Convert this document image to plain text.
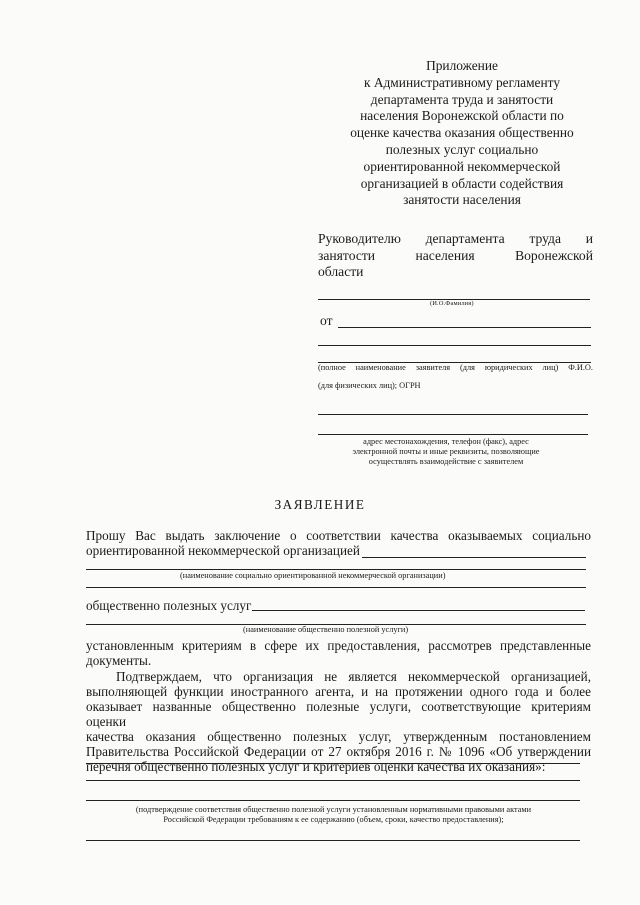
Приложение
к Административному регламенту
департамента труда и занятости
населения Воронежской области по
оценке качества оказания общественно
полезных услуг социально
ориентированной некоммерческой
организацией в области содействия
занятости населения
Руководителю департамента труда и
занятости	населения	Воронежской
области
(И.О.Фамилия)
от
(полное наименование заявителя (для юридических лиц) Ф.И.О.
(для физических лиц); ОГРН
адрес местонахождения, телефон (факс), адрес
электронной почты и иные реквизиты, позволяющие
осуществлять взаимодействие с заявителем
ЗАЯВЛЕНИЕ
Прошу Вас выдать заключение о соответствии качества оказываемых социально
ориентированной некоммерческой организацией
(наименование социально ориентированной некоммерческой организации)
общественно полезных услуг
(наименование общественно полезной услуги)
установленным критериям в сфере их предоставления, рассмотрев представленные
документы.
Подтверждаем, что организация не является некоммерческой организацией,
выполняющей функции иностранного агента, и на протяжении одного года и более
оказывает названные общественно полезные услуги, соответствующие критериям оценки
качества оказания общественно полезных услуг, утвержденным постановлением
Правительства Российской Федерации от 27 октября 2016 г. № 1096 «Об утверждении
перечня общественно полезных услуг и критериев оценки качества их оказания»:
(подтверждение соответствия общественно полезной услуги установленным нормативными правовыми актами
Российской Федерации требованиям к ее содержанию (объем, сроки, качество предоставления);
